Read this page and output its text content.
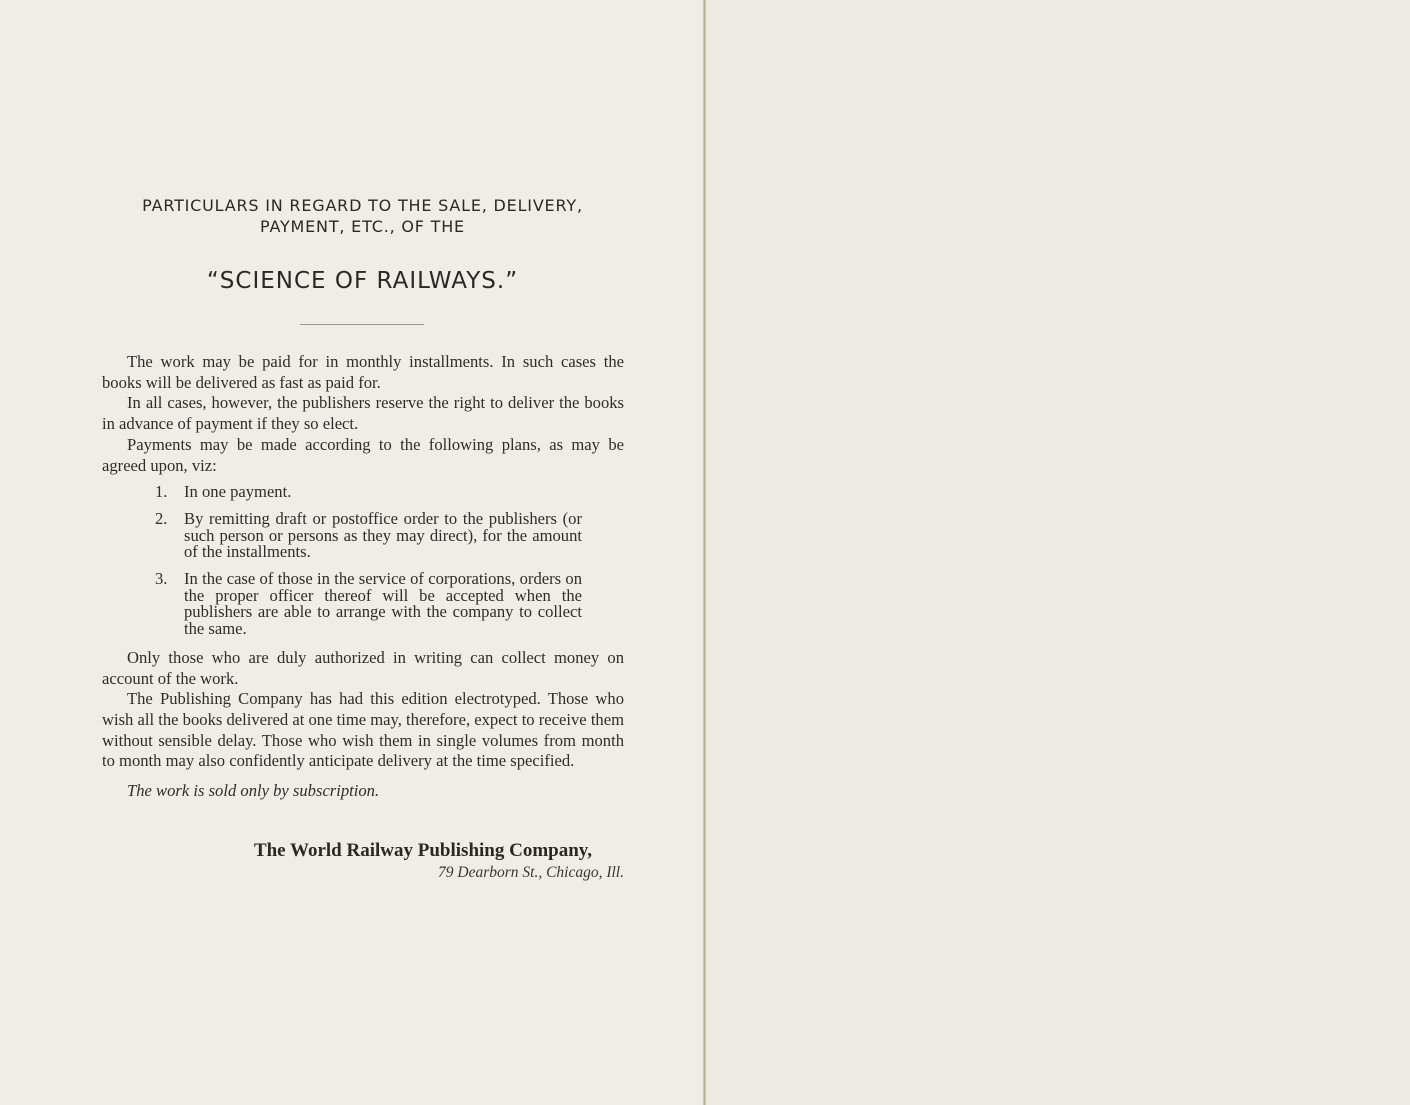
PARTICULARS IN REGARD TO THE SALE, DELIVERY,
PAYMENT, ETC., OF THE
“SCIENCE OF RAILWAYS.”

The work may be paid for in monthly installments. In such cases the books will be delivered as fast as paid for.

In all cases, however, the publishers reserve the right to deliver the books in advance of payment if they so elect.

Payments may be made according to the following plans, as may be agreed upon, viz:

1. In one payment.
2. By remitting draft or postoffice order to the publishers (or such person or persons as they may direct), for the amount of the installments.
3. In the case of those in the service of corporations, orders on the proper officer thereof will be accepted when the publishers are able to arrange with the company to collect the same.

Only those who are duly authorized in writing can collect money on account of the work.

The Publishing Company has had this edition electrotyped. Those who wish all the books delivered at one time may, therefore, expect to receive them without sensible delay. Those who wish them in single volumes from month to month may also confidently anticipate delivery at the time specified.

The work is sold only by subscription.

The World Railway Publishing Company,
79 Dearborn St., Chicago, Ill.
